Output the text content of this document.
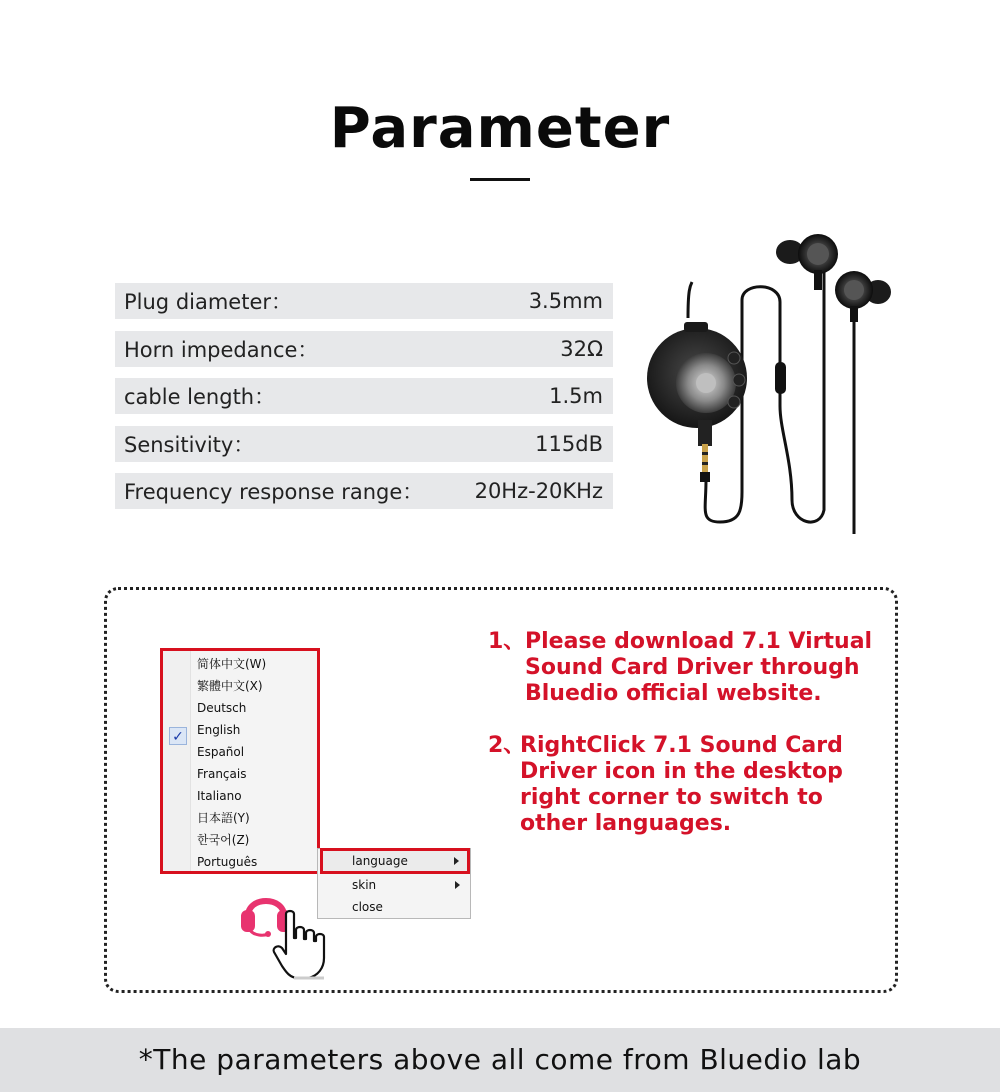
Parameter
Plug diameter：	3.5mm
Horn impedance：	32Ω
cable length：	1.5m
Sensitivity：	115dB
Frequency response range： 20Hz-20KHz
✓
简体中文(W)
繁體中文(X)
Deutsch
English
Español
Français
Italiano
日本語(Y)
한국어(Z)
Português
skin
close
language
1、 Please download 7.1 Virtual
Sound Card Driver through
Bluedio official website.
2、
RightClick 7.1 Sound Card
Driver icon in the desktop
right corner to switch to
other languages.
*The parameters above all come from Bluedio lab
